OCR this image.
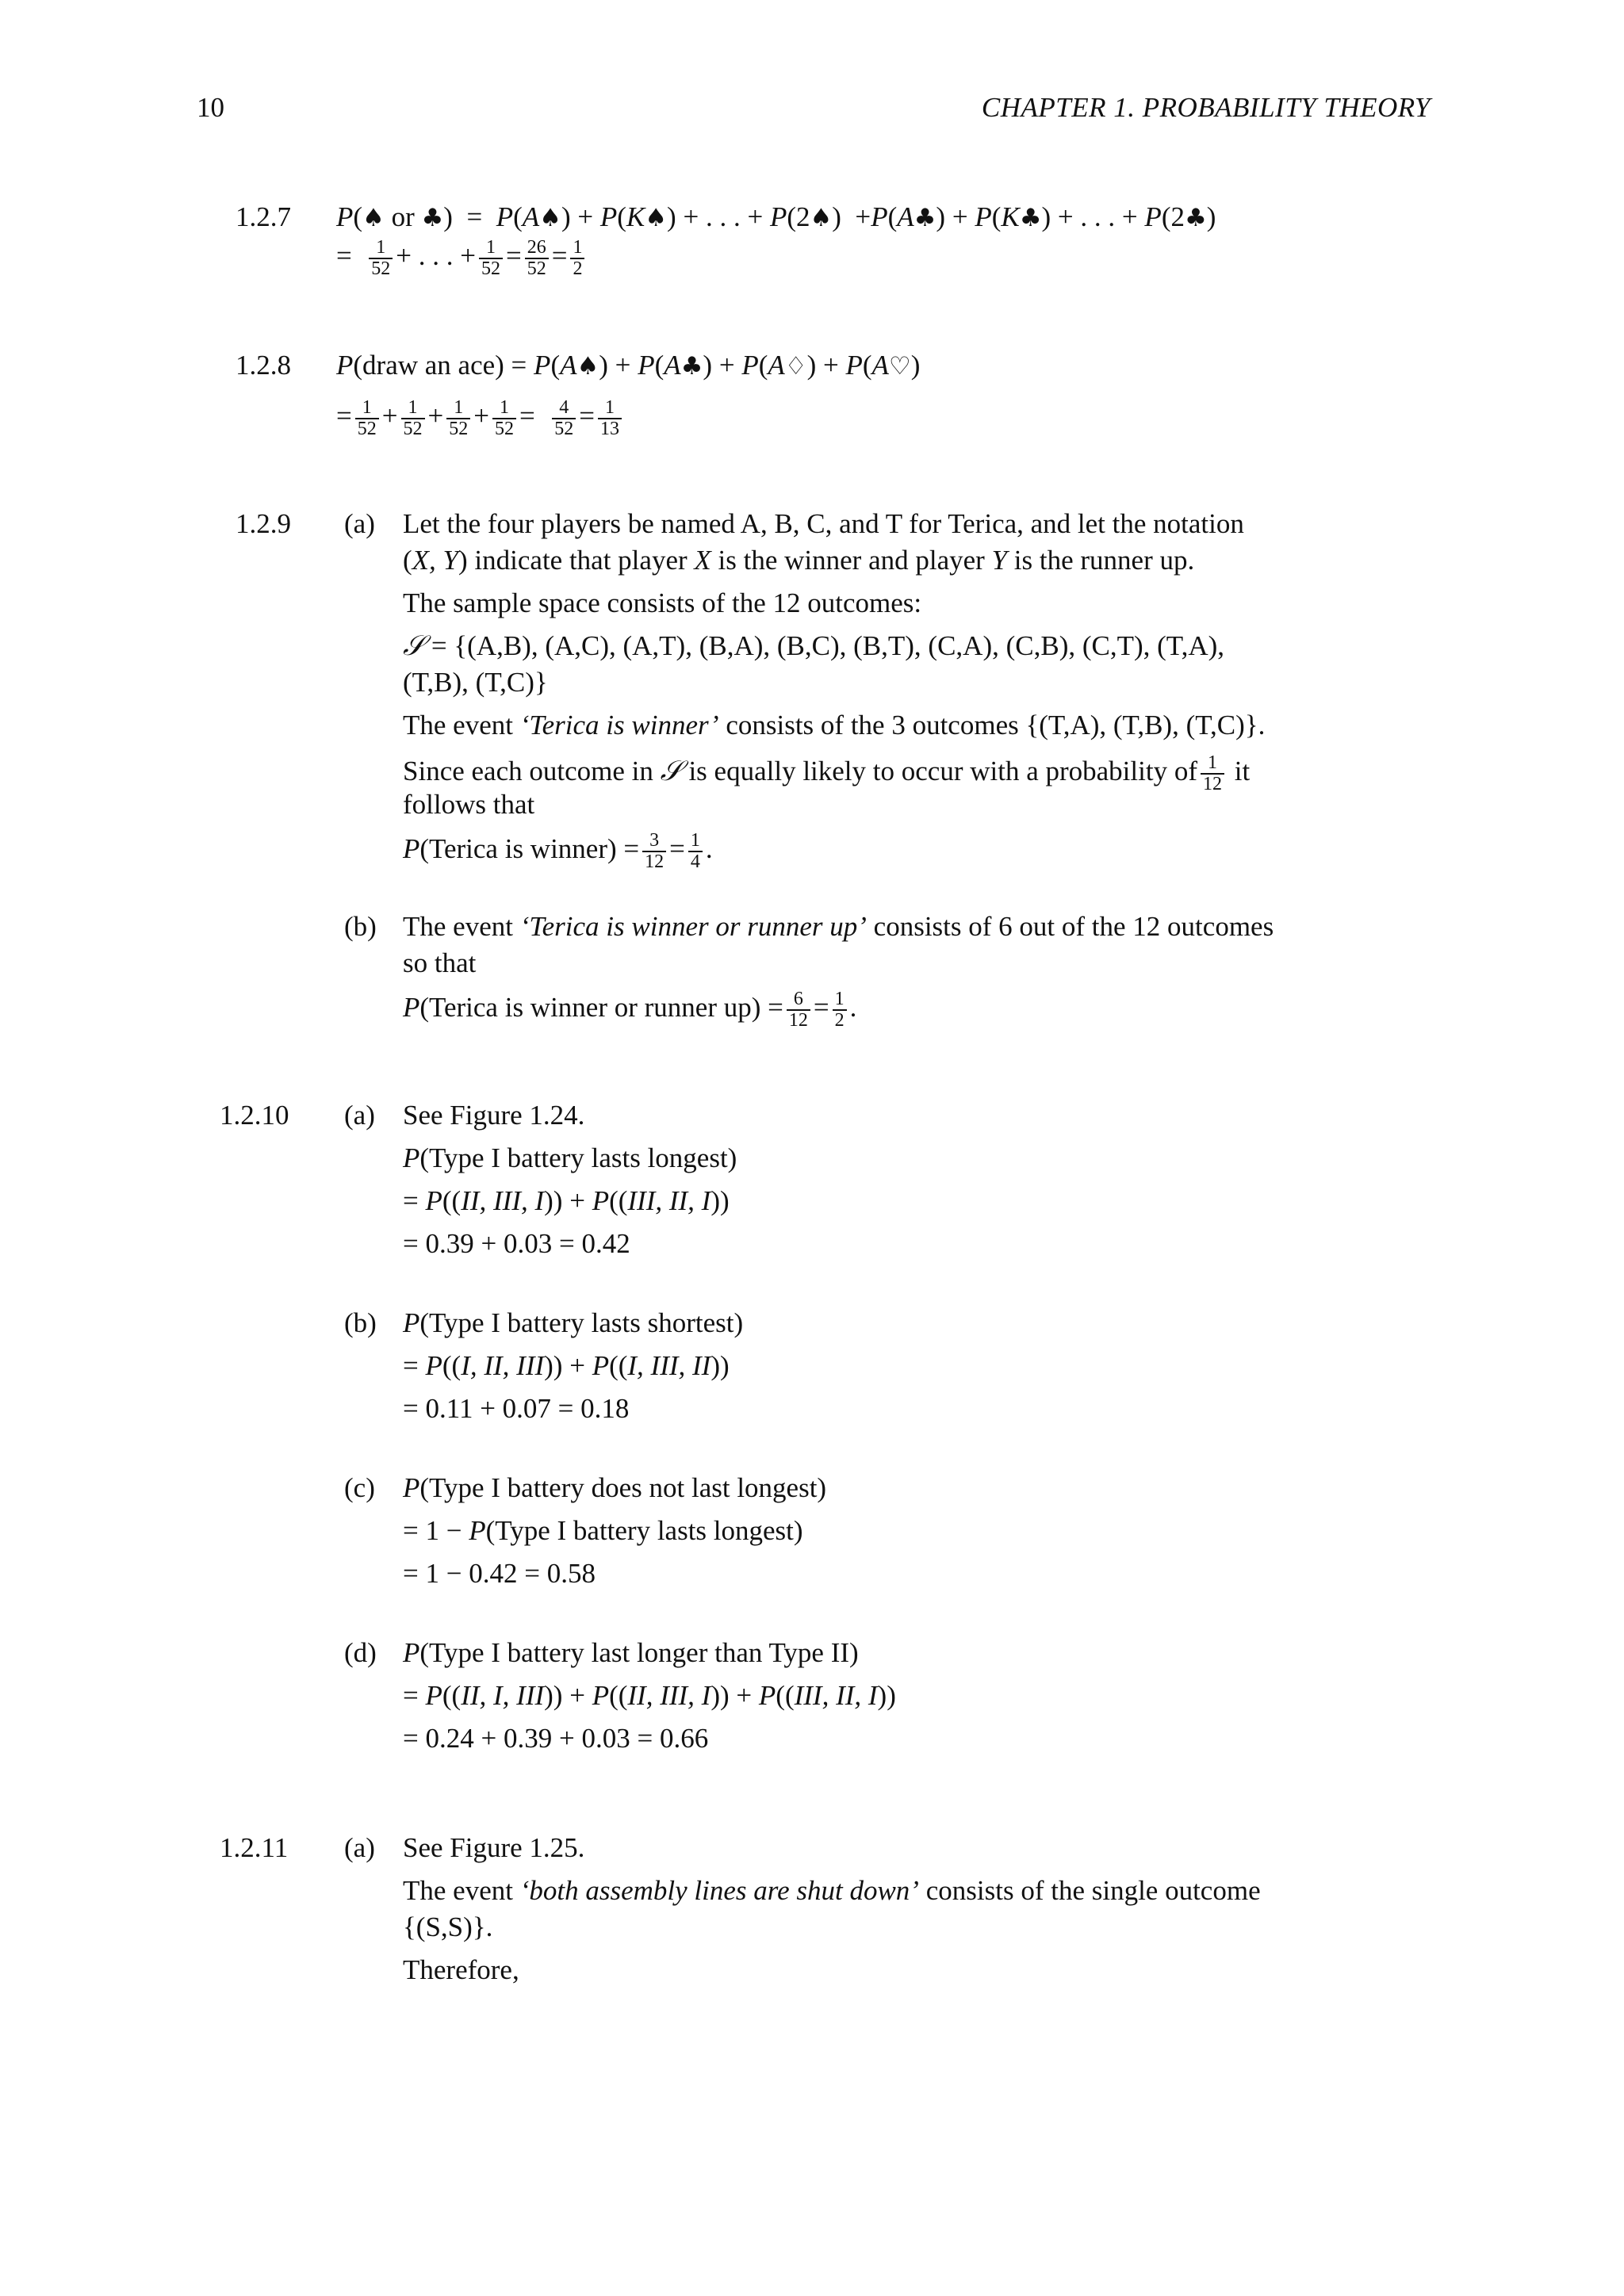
10	CHAPTER 1. PROBABILITY THEORY
1.2.7 P(♠ or ♣)  =  P(A♠) + P(K♠) + . . . + P(2♠)  +P(A♣) + P(K♣) + . . . + P(2♣)
= $\frac{1}{52}$ + . . . + $\frac{1}{52} = \frac{26}{52} = \frac{1}{2}$
1.2.8 P(draw an ace) = P(A♠) + P(A♣) + P(A♢) + P(A♡)
= $\frac{1}{52} + \frac{1}{52} + \frac{1}{52} + \frac{1}{52} = \frac{4}{52} = \frac{1}{13}$
1.2.9 (a) Let the four players be named A, B, C, and T for Terica, and let the notation
(X, Y) indicate that player X is the winner and player Y is the runner up.
The sample space consists of the 12 outcomes:
𝒮 = {(A,B), (A,C), (A,T), (B,A), (B,C), (B,T), (C,A), (C,B), (C,T), (T,A),
(T,B), (T,C)}
The event ‘Terica is winner’ consists of the 3 outcomes {(T,A), (T,B), (T,C)}.
Since each outcome in 𝒮 is equally likely to occur with a probability of $\frac{1}{12}$ it
follows that
P(Terica is winner) = $\frac{3}{12} = \frac{1}{4}$ .
(b) The event ‘Terica is winner or runner up’ consists of 6 out of the 12 outcomes
so that
P(Terica is winner or runner $up) = \frac{6}{12} = \frac{1}{2}$ .
1.2.10 (a) See Figure 1.24.
P(Type I battery lasts longest)
= P((II, III, I)) + P((III, II, I))
= 0.39 + 0.03 = 0.42
(b) P(Type I battery lasts shortest)
= P((I, II, III)) + P((I, III, II))
= 0.11 + 0.07 = 0.18
(c) P(Type I battery does not last longest)
= 1 − P(Type I battery lasts longest)
= 1 − 0.42 = 0.58
(d) P(Type I battery last longer than Type II)
= P((II, I, III)) + P((II, III, I)) + P((III, II, I))
= 0.24 + 0.39 + 0.03 = 0.66
1.2.11 (a) See Figure 1.25.
The event ‘both assembly lines are shut down’ consists of the single outcome
{(S,S)}.
Therefore,
